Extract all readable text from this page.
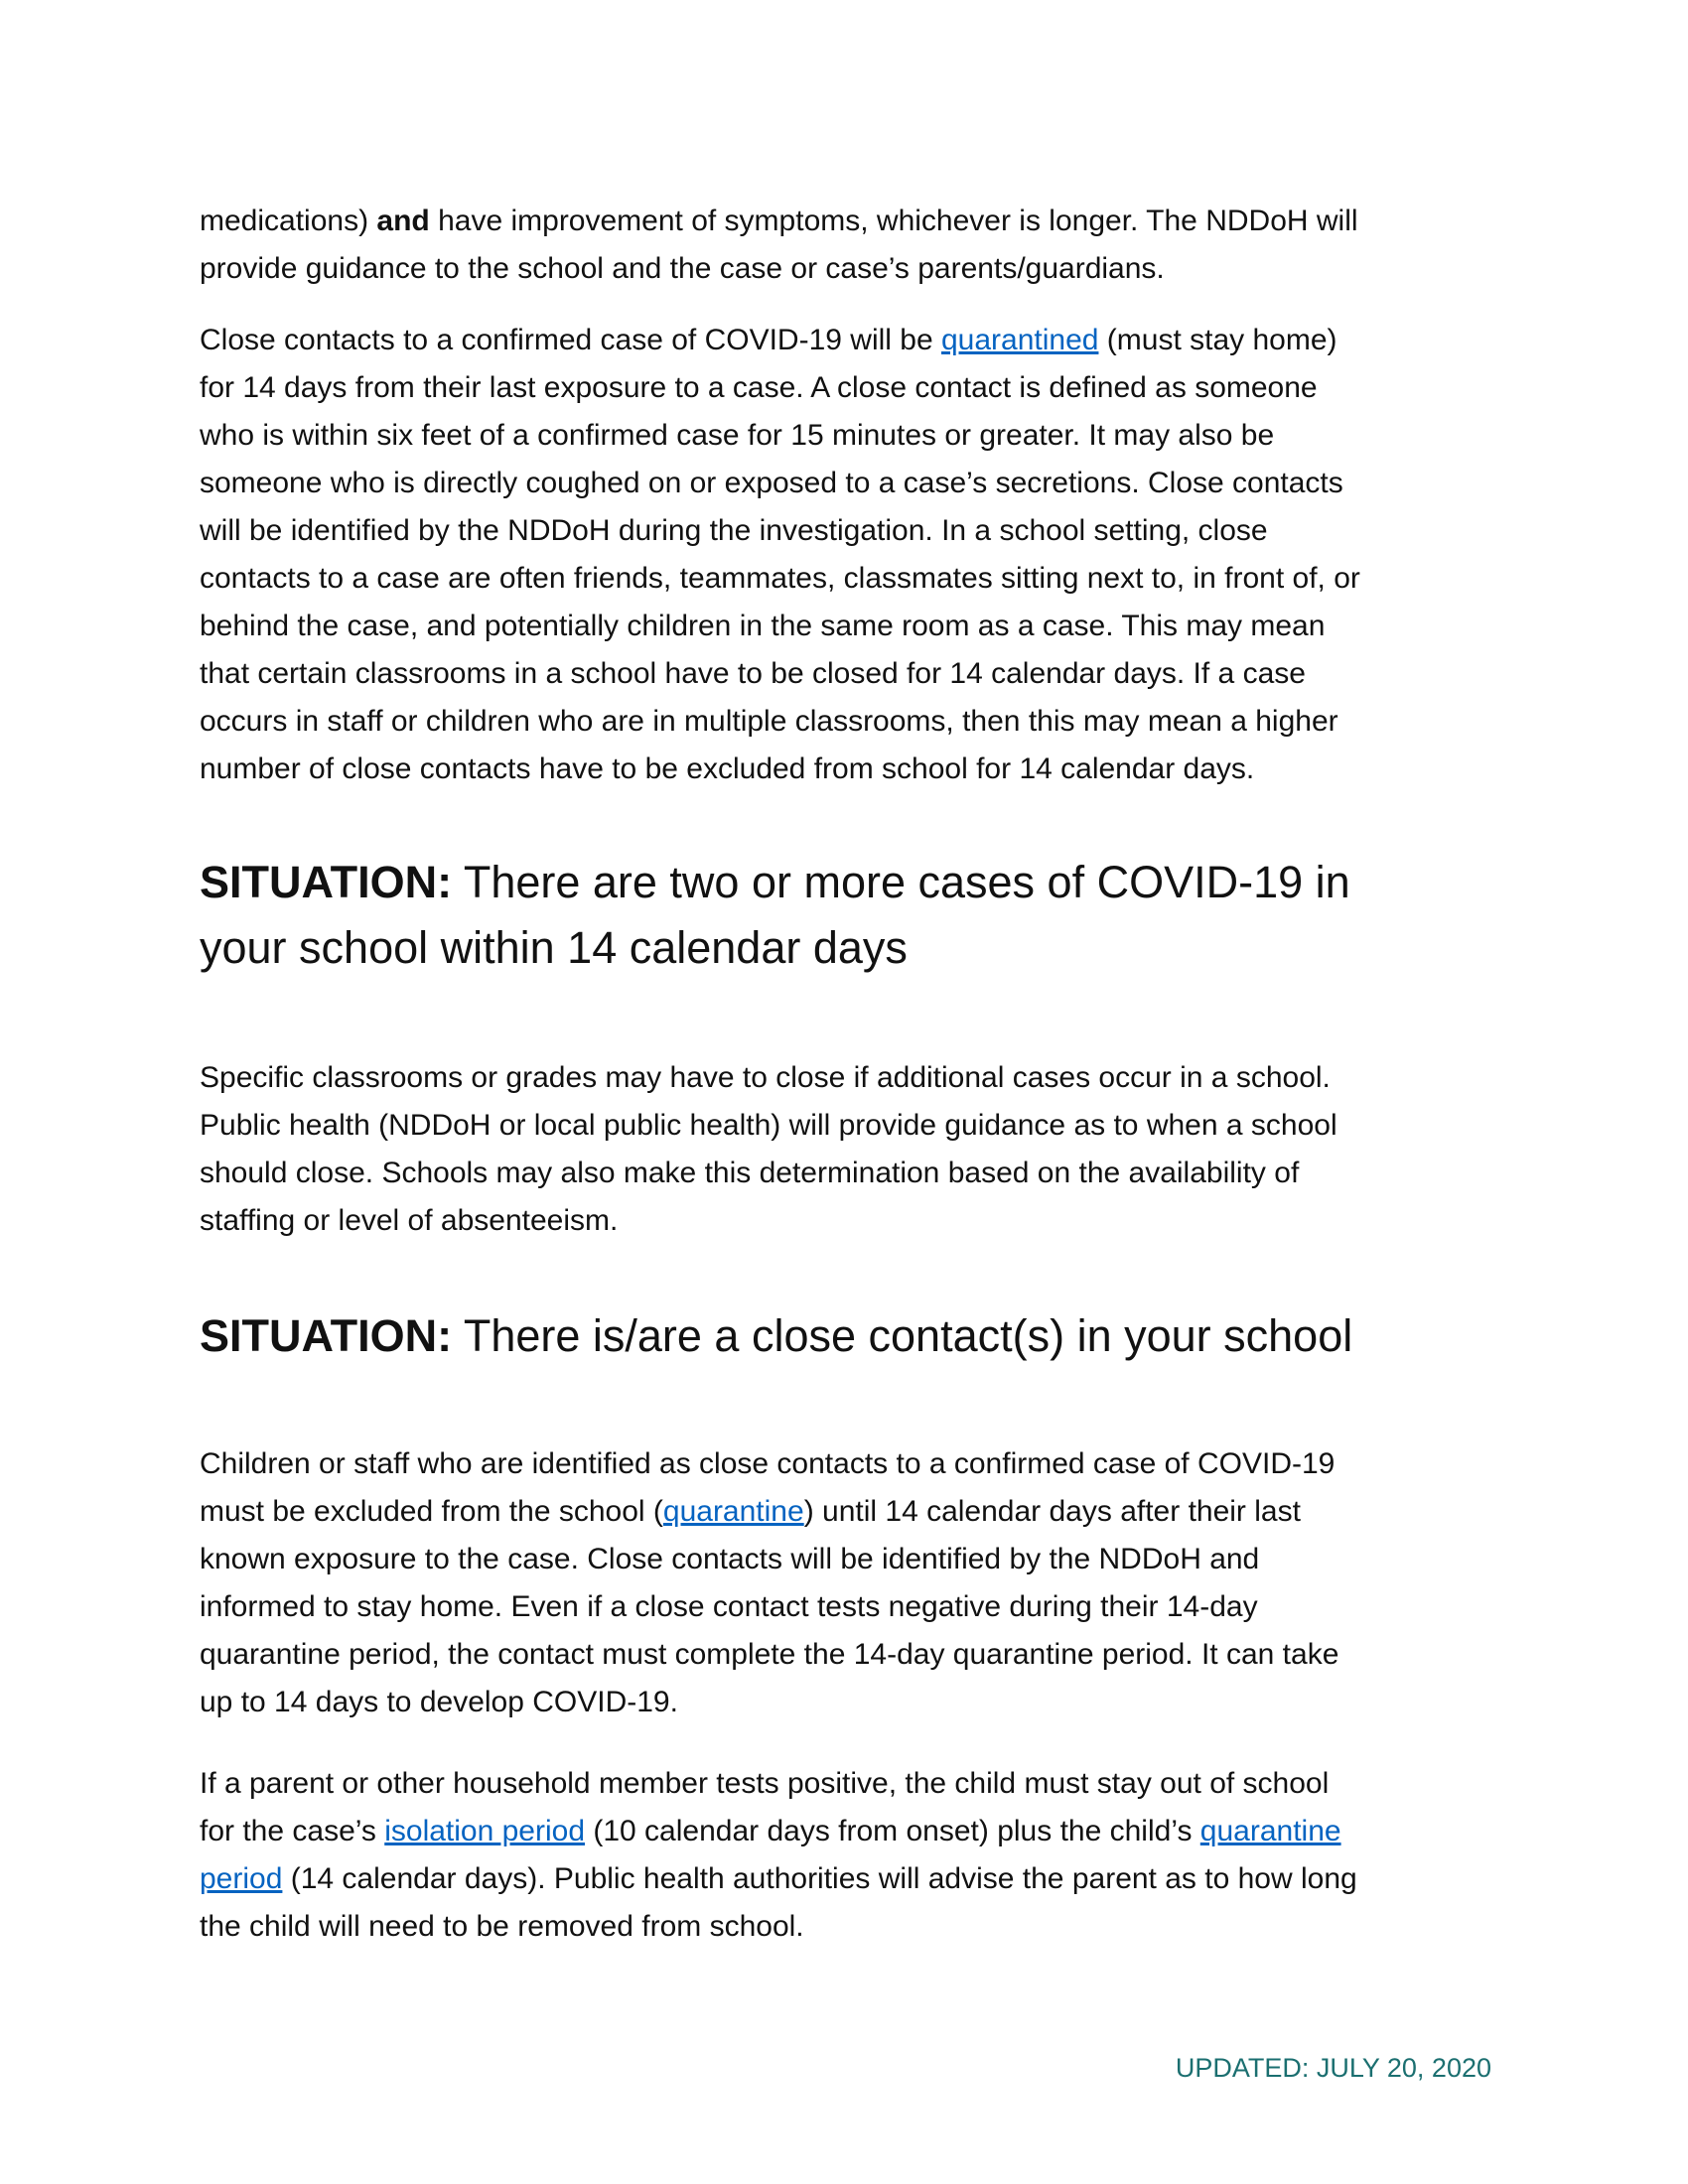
medications) and have improvement of symptoms, whichever is longer. The NDDoH will
provide guidance to the school and the case or case’s parents/guardians.
Close contacts to a confirmed case of COVID-19 will be quarantined (must stay home)
for 14 days from their last exposure to a case. A close contact is defined as someone
who is within six feet of a confirmed case for 15 minutes or greater. It may also be
someone who is directly coughed on or exposed to a case’s secretions. Close contacts
will be identified by the NDDoH during the investigation. In a school setting, close
contacts to a case are often friends, teammates, classmates sitting next to, in front of, or
behind the case, and potentially children in the same room as a case. This may mean
that certain classrooms in a school have to be closed for 14 calendar days. If a case
occurs in staff or children who are in multiple classrooms, then this may mean a higher
number of close contacts have to be excluded from school for 14 calendar days.
SITUATION: There are two or more cases of COVID-19 in
your school within 14 calendar days
Specific classrooms or grades may have to close if additional cases occur in a school.
Public health (NDDoH or local public health) will provide guidance as to when a school
should close. Schools may also make this determination based on the availability of
staffing or level of absenteeism.
SITUATION: There is/are a close contact(s) in your school
Children or staff who are identified as close contacts to a confirmed case of COVID-19
must be excluded from the school (quarantine) until 14 calendar days after their last
known exposure to the case. Close contacts will be identified by the NDDoH and
informed to stay home. Even if a close contact tests negative during their 14-day
quarantine period, the contact must complete the 14-day quarantine period. It can take
up to 14 days to develop COVID-19.
If a parent or other household member tests positive, the child must stay out of school
for the case’s isolation period (10 calendar days from onset) plus the child’s quarantine
period (14 calendar days). Public health authorities will advise the parent as to how long
the child will need to be removed from school.
UPDATED: JULY 20, 2020
